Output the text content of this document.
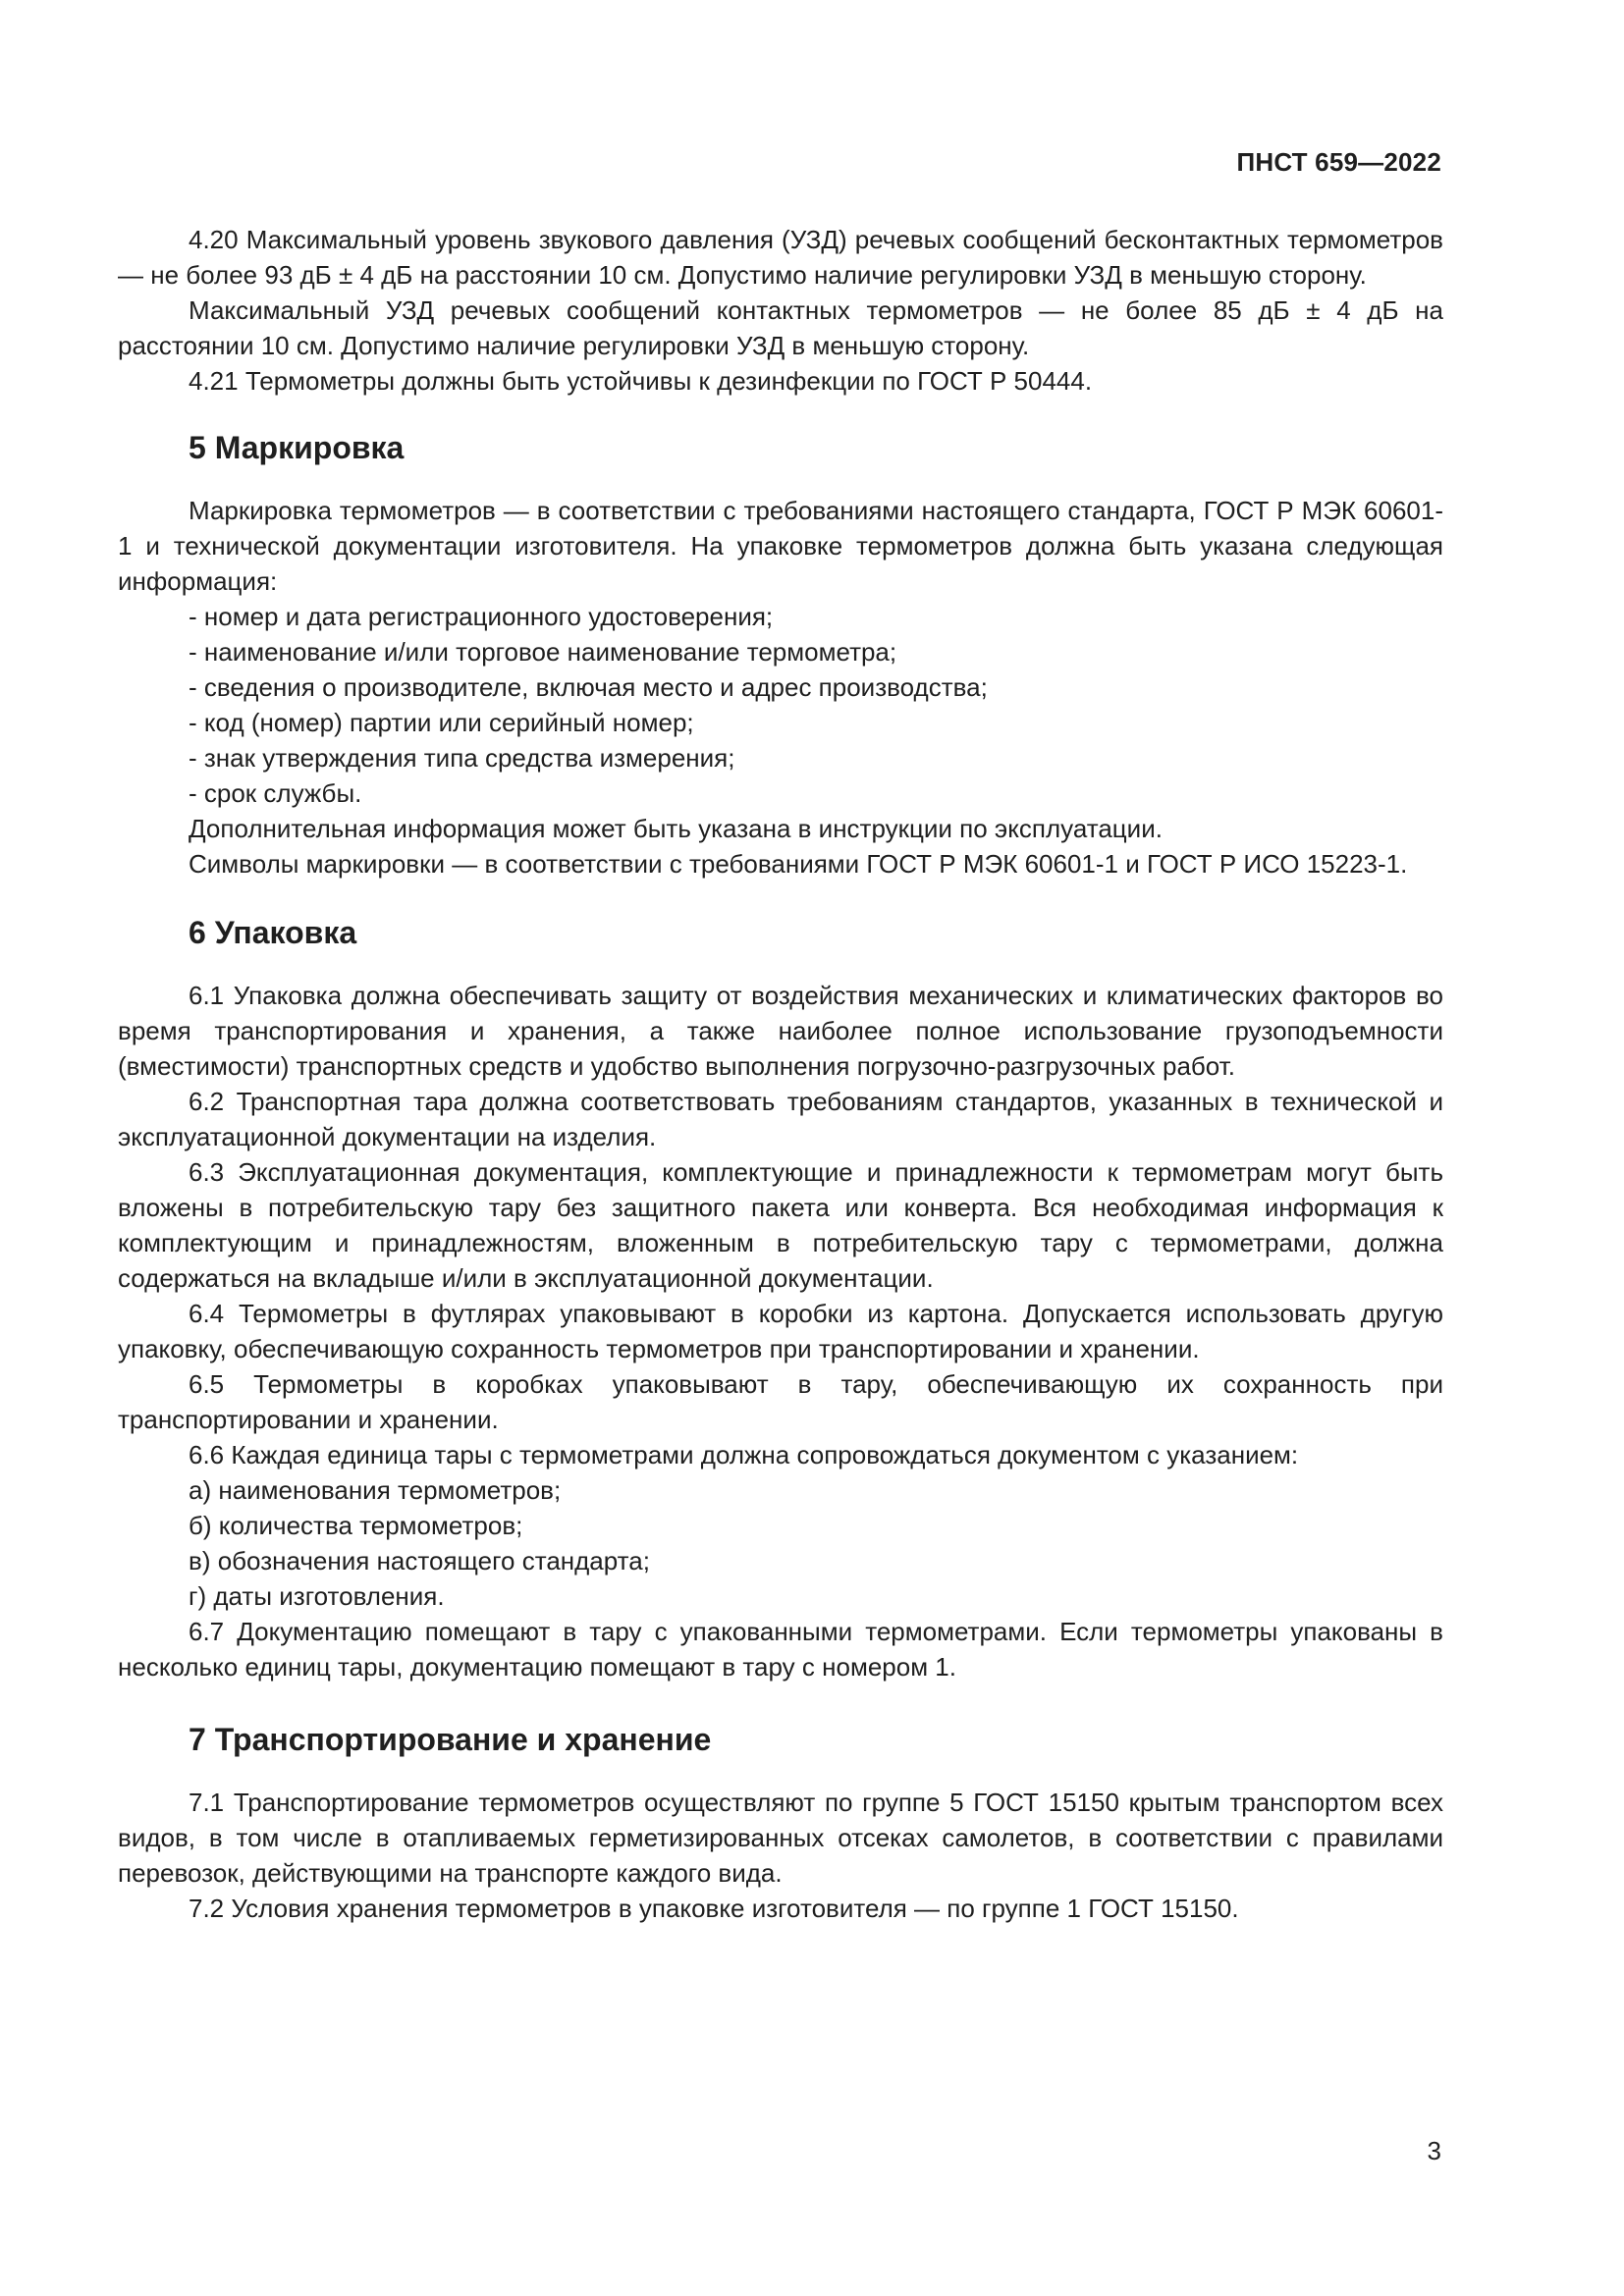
ПНСТ 659—2022

4.20 Максимальный уровень звукового давления (УЗД) речевых сообщений бесконтактных термометров — не более 93 дБ ± 4 дБ на расстоянии 10 см. Допустимо наличие регулировки УЗД в меньшую сторону.

Максимальный УЗД речевых сообщений контактных термометров — не более 85 дБ ± 4 дБ на расстоянии 10 см. Допустимо наличие регулировки УЗД в меньшую сторону.

4.21 Термометры должны быть устойчивы к дезинфекции по ГОСТ Р 50444.

5 Маркировка

Маркировка термометров — в соответствии с требованиями настоящего стандарта, ГОСТ Р МЭК 60601-1 и технической документации изготовителя. На упаковке термометров должна быть указана следующая информация:

- номер и дата регистрационного удостоверения;

- наименование и/или торговое наименование термометра;

- сведения о производителе, включая место и адрес производства;

- код (номер) партии или серийный номер;

- знак утверждения типа средства измерения;

- срок службы.

Дополнительная информация может быть указана в инструкции по эксплуатации.

Символы маркировки — в соответствии с требованиями ГОСТ Р МЭК 60601-1 и ГОСТ Р ИСО 15223-1.

6 Упаковка

6.1 Упаковка должна обеспечивать защиту от воздействия механических и климатических факторов во время транспортирования и хранения, а также наиболее полное использование грузоподъемности (вместимости) транспортных средств и удобство выполнения погрузочно-разгрузочных работ.

6.2 Транспортная тара должна соответствовать требованиям стандартов, указанных в технической и эксплуатационной документации на изделия.

6.3 Эксплуатационная документация, комплектующие и принадлежности к термометрам могут быть вложены в потребительскую тару без защитного пакета или конверта. Вся необходимая информация к комплектующим и принадлежностям, вложенным в потребительскую тару с термометрами, должна содержаться на вкладыше и/или в эксплуатационной документации.

6.4 Термометры в футлярах упаковывают в коробки из картона. Допускается использовать другую упаковку, обеспечивающую сохранность термометров при транспортировании и хранении.

6.5 Термометры в коробках упаковывают в тару, обеспечивающую их сохранность при транспортировании и хранении.

6.6 Каждая единица тары с термометрами должна сопровождаться документом с указанием:

а) наименования термометров;

б) количества термометров;

в) обозначения настоящего стандарта;

г) даты изготовления.

6.7 Документацию помещают в тару с упакованными термометрами. Если термометры упакованы в несколько единиц тары, документацию помещают в тару с номером 1.

7 Транспортирование и хранение

7.1 Транспортирование термометров осуществляют по группе 5 ГОСТ 15150 крытым транспортом всех видов, в том числе в отапливаемых герметизированных отсеках самолетов, в соответствии с правилами перевозок, действующими на транспорте каждого вида.

7.2 Условия хранения термометров в упаковке изготовителя — по группе 1 ГОСТ 15150.

3
